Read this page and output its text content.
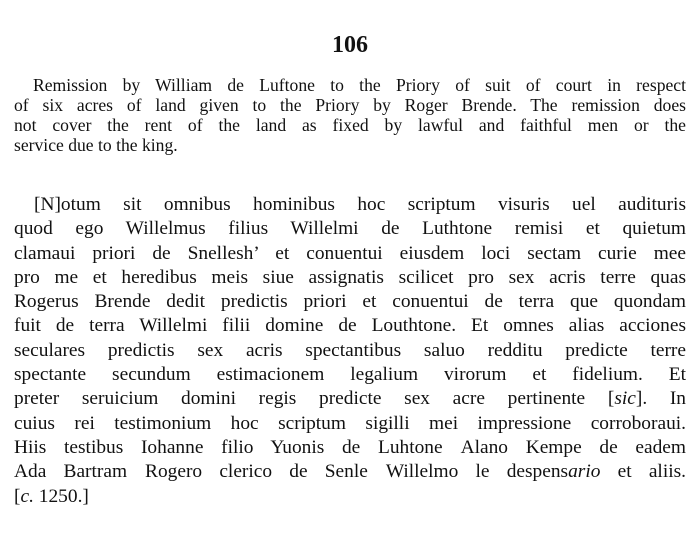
106
Remission by William de Luftone to the Priory of suit of court in respect
of six acres of land given to the Priory by Roger Brende. The remission does
not cover the rent of the land as fixed by lawful and faithful men or the
service due to the king.
[N]otum sit omnibus hominibus hoc scriptum visuris uel audituris
quod ego Willelmus filius Willelmi de Luthtone remisi et quietum
clamaui priori de Snellesh’ et conuentui eiusdem loci sectam curie mee
pro me et heredibus meis siue assignatis scilicet pro sex acris terre quas
Rogerus Brende dedit predictis priori et conuentui de terra que quondam
fuit de terra Willelmi filii domine de Louthtone. Et omnes alias acciones
seculares predictis sex acris spectantibus saluo redditu predicte terre
spectante secundum estimacionem legalium virorum et fidelium. Et
preter seruicium domini regis predicte sex acre pertinente [sic]. In
cuius rei testimonium hoc scriptum sigilli mei impressione corroboraui.
Hiis testibus Iohanne filio Yuonis de Luhtone Alano Kempe de eadem
Ada Bartram Rogero clerico de Senle Willelmo le despensario et aliis.
[c. 1250.]
